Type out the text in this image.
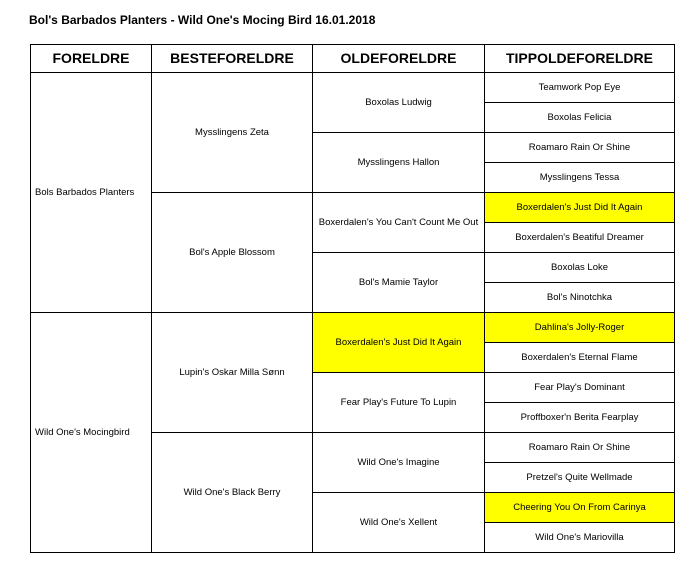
Bol's Barbados Planters - Wild One's Mocing Bird 16.01.2018
FORELDRE	BESTEFORELDRE	OLDEFORELDRE	TIPPOLDEFORELDRE
Bols Barbados Planters	Mysslingens Zeta	Boxolas Ludwig	Teamwork Pop Eye
			Boxolas Felicia
		Mysslingens Hallon	Roamaro Rain Or Shine
			Mysslingens Tessa
	Bol's Apple Blossom	Boxerdalen's You Can't Count Me Out	Boxerdalen's Just Did It Again
			Boxerdalen's Beatiful Dreamer
		Bol's Mamie Taylor	Boxolas Loke
			Bol's Ninotchka
Wild One's Mocingbird	Lupin's Oskar Milla Sønn	Boxerdalen's Just Did It Again	Dahlina's Jolly-Roger
			Boxerdalen's Eternal Flame
		Fear Play's Future To Lupin	Fear Play's Dominant
			Proffboxer'n Berita Fearplay
	Wild One's Black Berry	Wild One's Imagine	Roamaro Rain Or Shine
			Pretzel's Quite Wellmade
		Wild One's Xellent	Cheering You On From Carinya
			Wild One's Mariovilla
